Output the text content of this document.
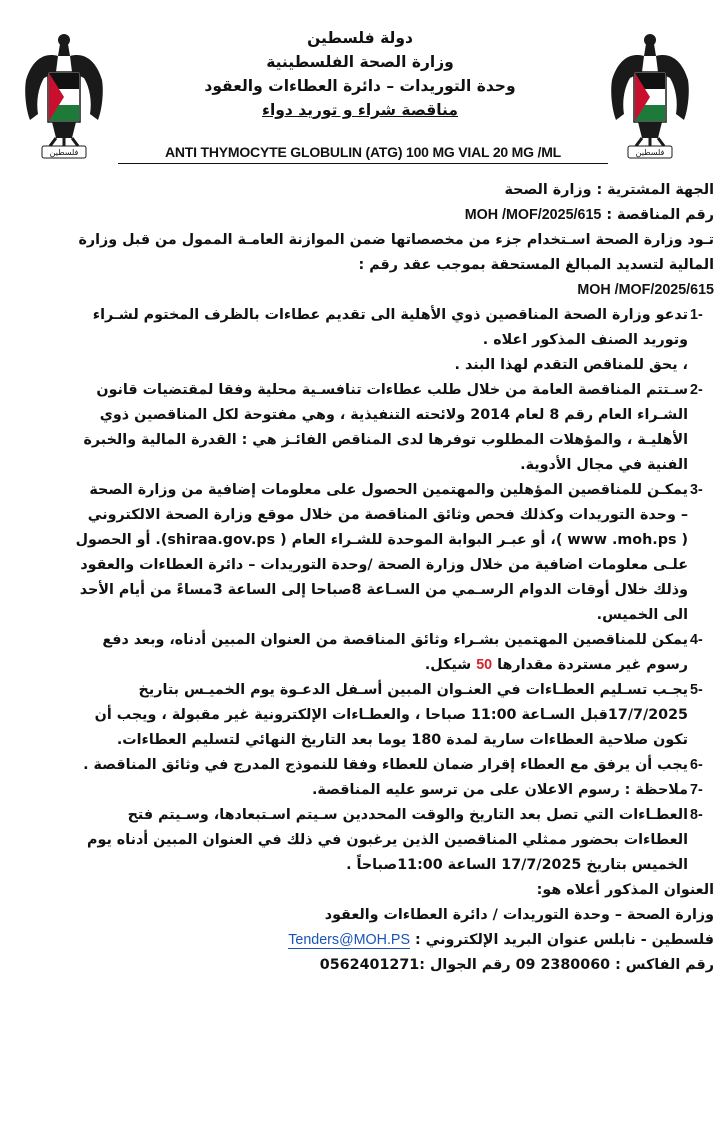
فلسطين	فلسطين
دولة فلسطين
وزارة الصحة الفلسطينية
وحدة التوريدات – دائرة العطاءات والعقود
مناقصة شراء و توريد دواء
ANTI THYMOCYTE GLOBULIN (ATG) 100 MG VIAL 20 MG /ML
الجهة المشترية : وزارة الصحة
رقم المناقصة : MOH /MOF/2025/615
تـود وزارة الصحة اسـتخدام جزء من مخصصاتها ضمن الموازنة العامـة الممول من قبل وزارة
المالية لتسديد المبالغ المستحقة بموجب عقد رقم :
MOH /MOF/2025/615
-1
تدعو وزارة الصحة المناقصين ذوي الأهلية الى تقديم عطاءات بالظرف المختوم لشـراء
وتوريد الصنف المذكور اعلاه .
، يحق للمناقص التقدم لهذا البند .
-2
سـتتم المناقصة العامة من خلال طلب عطاءات تنافسـية محلية وفقا لمقتضيات قانون
الشـراء العام رقم 8 لعام 2014 ولائحته التنفيذية ، وهي مفتوحة لكل المناقصين ذوي
الأهليـة ، والمؤهلات المطلوب توفرها لدى المناقص الفائـز هي : القدرة المالية والخبرة
الفنية في مجال الأدوية.
-3
يمكـن للمناقصين المؤهلين والمهتمين الحصول على معلومات إضافية من وزارة الصحة
– وحدة التوريدات وكذلك فحص وثائق المناقصة من خلال موقع وزارة الصحة الالكتروني
( www .moh.ps )، أو عبـر البوابة الموحدة للشـراء العام ( shiraa.gov.ps). أو الحصول
علـى معلومات اضافية من خلال وزارة الصحة /وحدة التوريدات – دائرة العطاءات والعقود
وذلك خلال أوقات الدوام الرسـمي من السـاعة 8صباحا إلى الساعة 3مساءً من أيام الأحد
الى الخميس.
-4
يمكن للمناقصين المهتمين بشـراء وثائق المناقصة من العنوان المبين أدناه، وبعد دفع
رسوم غير مستردة مقدارها 50 شيكل.
-5
يجـب تسـليم العطـاءات في العنـوان المبين أسـفل الدعـوة يوم الخميـس بتاريخ
17/7/2025قبل السـاعة 11:00 صباحا ، والعطـاءات الإلكترونية غير مقبولة ، ويجب أن
تكون صلاحية العطاءات سارية لمدة 180 يوما بعد التاريخ النهائي لتسليم العطاءات.
-6
يجب أن يرفق مع العطاء إقرار ضمان للعطاء وفقا للنموذج المدرج في وثائق المناقصة .
-7
ملاحظة : رسوم الاعلان على من ترسو عليه المناقصة.
-8
العطـاءات التي تصل بعد التاريخ والوقت المحددين سـيتم اسـتبعادها، وسـيتم فتح
العطاءات بحضور ممثلي المناقصين الذين يرغبون في ذلك في العنوان المبين أدناه يوم
الخميس بتاريخ 17/7/2025 الساعة 11:00صباحاً .
العنوان المذكور أعلاه هو:
وزارة الصحة – وحدة التوريدات / دائرة العطاءات والعقود
فلسطين - نابلس عنوان البريد الإلكتروني : Tenders@MOH.PS
رقم الفاكس : 2380060 09 رقم الجوال :0562401271
